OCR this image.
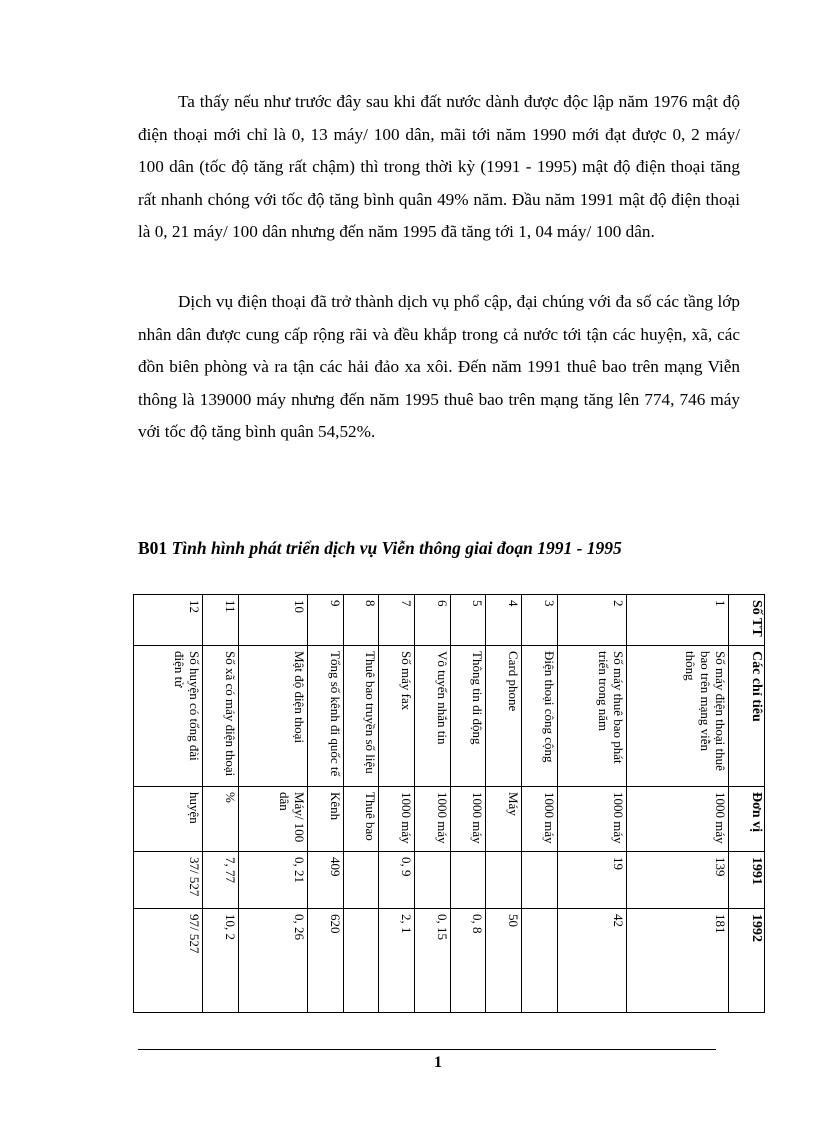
Ta thấy nếu như trước đây sau khi đất nước dành được độc lập năm 1976 mật độ điện thoại mới chỉ là 0, 13 máy/ 100 dân, mãi tới năm 1990 mới đạt được 0, 2 máy/ 100 dân (tốc độ tăng rất chậm) thì trong thời kỳ (1991 - 1995) mật độ điện thoại tăng rất nhanh chóng với tốc độ tăng bình quân 49% năm. Đầu năm 1991 mật độ điện thoại là 0, 21 máy/ 100 dân nhưng đến năm 1995 đã tăng tới 1, 04 máy/ 100 dân.

Dịch vụ điện thoại đã trở thành dịch vụ phổ cập, đại chúng với đa số các tầng lớp nhân dân được cung cấp rộng rãi và đều khắp trong cả nước tới tận các huyện, xã, các đồn biên phòng và ra tận các hải đảo xa xôi. Đến năm 1991 thuê bao trên mạng Viễn thông là 139000 máy nhưng đến năm 1995 thuê bao trên mạng tăng lên 774, 746 máy với tốc độ tăng bình quân 54,52%.

B01 Tình hình phát triển dịch vụ Viễn thông giai đoạn 1991 - 1995
Số TT	Các chỉ tiêu	Đơn vị	1991	1992
1	Số máy điện thoại thuê bao trên mạng viễn thông	1000 máy	139	181
2	Số máy thuê bao phát triển trong năm	1000 máy	19	42
3	Điện thoại công cộng	1000 máy		
4	Card phone	Máy		50
5	Thông tin di động	1000 máy		0, 8
6	Vô tuyến nhắn tin	1000 máy		0, 15
7	Số máy fax	1000 máy	0, 9	2, 1
8	Thuê bao truyền số liệu	Thuê bao		
9	Tổng số kênh đi quốc tế	Kênh	409	620
10	Mật độ điện thoại	Máy/ 100 dân	0, 21	0, 26
11	Số xã có máy điện thoại	%	7, 77	10, 2
12	Số huyện có tổng đài điện tử	huyện	37/ 527	97/ 527
1
